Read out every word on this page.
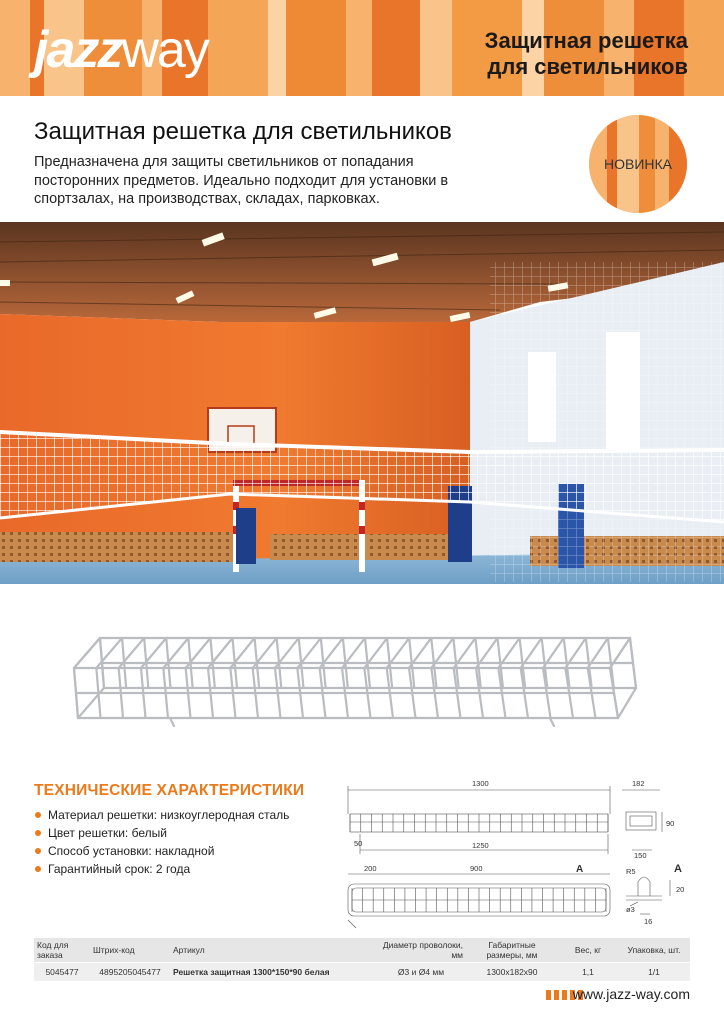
jazzway	Защитная решетка
для светильников
Защитная решетка для светильников

Предназначена для защиты светильников от попадания посторонних предметов. Идеально подходит для установки в спортзалах, на производствах, складах, парковках.

НОВИНКА
ТЕХНИЧЕСКИЕ ХАРАКТЕРИСТИКИ
Материал решетки: низкоуглеродная сталь
Цвет решетки: белый
Способ установки: накладной
Гарантийный срок: 2 года
1300	182
90
50	1250
150
200	900	A	A
R5
20
ø3
16
Код для заказа	Штрих-код	Артикул	Диаметр проволоки, мм	Габаритные размеры, мм	Вес, кг	Упаковка, шт.
5045477	4895205045477	Решетка защитная 1300*150*90 белая	Ø3 и Ø4 мм	1300х182х90	1,1	1/1
www.jazz-way.com
